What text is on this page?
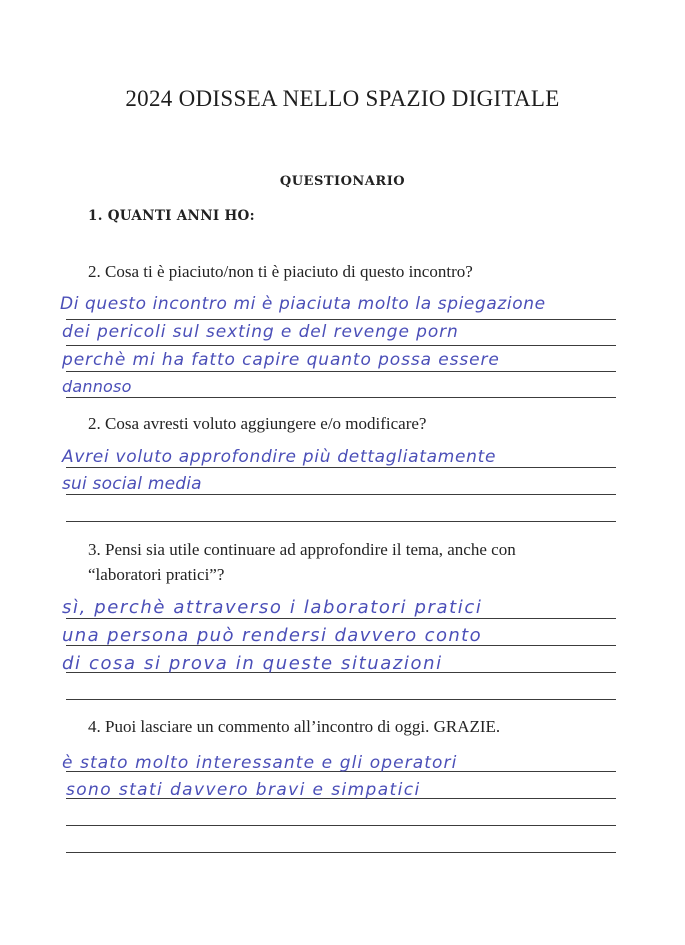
2024 ODISSEA NELLO SPAZIO DIGITALE
QUESTIONARIO
1. QUANTI ANNI HO:
2. Cosa ti è piaciuto/non ti è piaciuto di questo incontro?
Di questo incontro mi è piaciuta molto la spiegazione
dei pericoli sul sexting e del revenge porn
perchè mi ha fatto capire quanto possa essere
dannoso
2. Cosa avresti voluto aggiungere e/o modificare?
Avrei voluto approfondire più dettagliatamente
sui social media
3. Pensi sia utile continuare ad approfondire il tema, anche con
“laboratori pratici”?
sì, perchè attraverso i laboratori pratici
una persona può rendersi davvero conto
di cosa si prova in queste situazioni
4. Puoi lasciare un commento all’incontro di oggi. GRAZIE.
è stato molto interessante e gli operatori
sono stati davvero bravi e simpatici
